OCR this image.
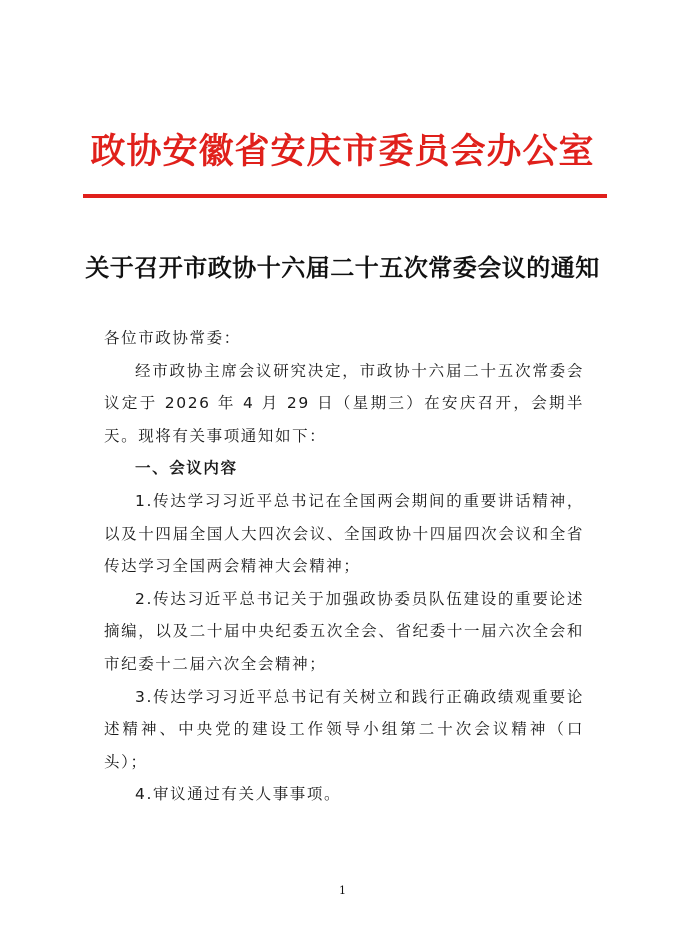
政协安徽省安庆市委员会办公室
关于召开市政协十六届二十五次常委会议的通知

各位市政协常委：

经市政协主席会议研究决定，市政协十六届二十五次常委会议定于 2026 年 4 月 29 日（星期三）在安庆召开，会期半天。现将有关事项通知如下：

一、会议内容

1.传达学习习近平总书记在全国两会期间的重要讲话精神，以及十四届全国人大四次会议、全国政协十四届四次会议和全省传达学习全国两会精神大会精神；

2.传达习近平总书记关于加强政协委员队伍建设的重要论述摘编，以及二十届中央纪委五次全会、省纪委十一届六次全会和市纪委十二届六次全会精神；

3.传达学习习近平总书记有关树立和践行正确政绩观重要论述精神、中央党的建设工作领导小组第二十次会议精神（口头）；

4.审议通过有关人事事项。

1
